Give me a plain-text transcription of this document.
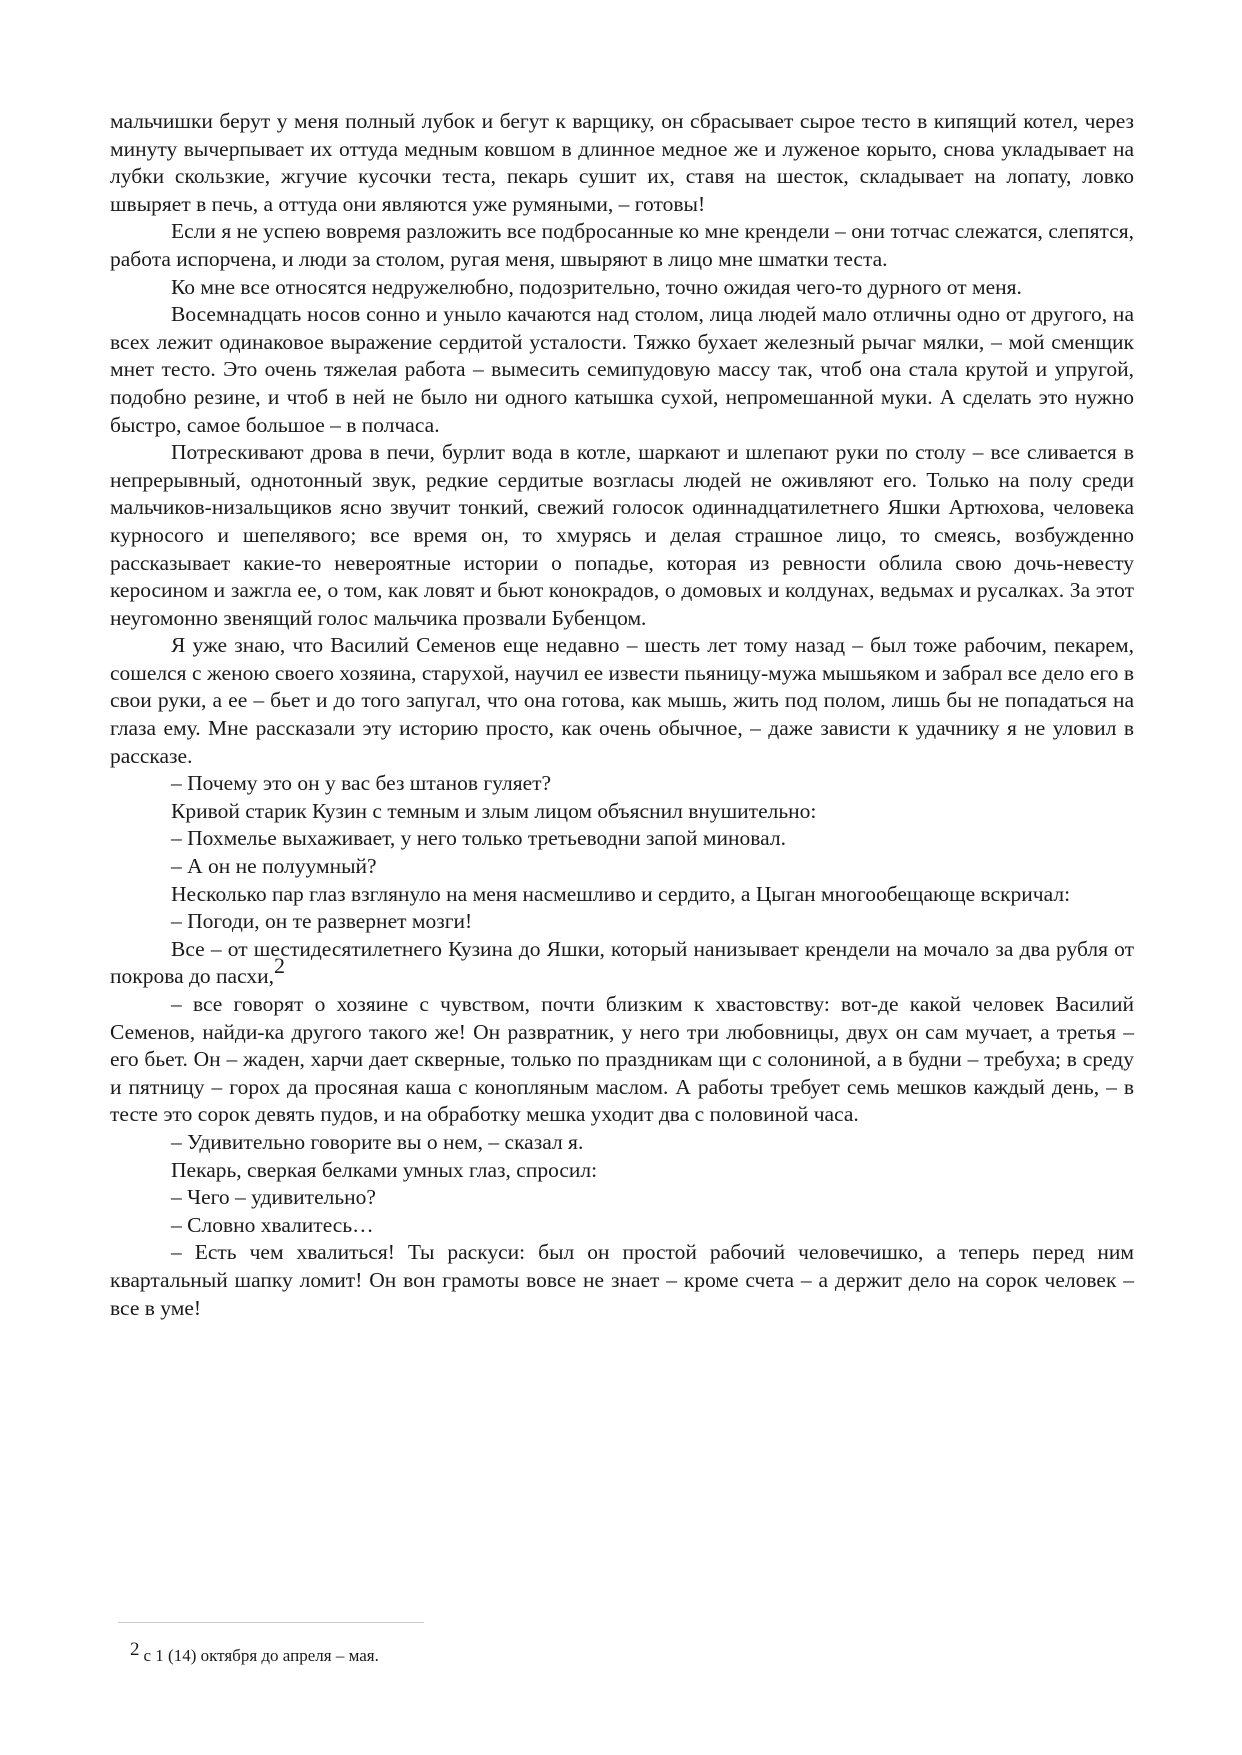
мальчишки берут у меня полный лубок и бегут к варщику, он сбрасывает сырое тесто в кипящий котел, через минуту вычерпывает их оттуда медным ковшом в длинное медное же и луженое корыто, снова укладывает на лубки скользкие, жгучие кусочки теста, пекарь сушит их, ставя на шесток, складывает на лопату, ловко швыряет в печь, а оттуда они являются уже румяными, – готовы!

Если я не успею вовремя разложить все подбросанные ко мне крендели – они тотчас слежатся, слепятся, работа испорчена, и люди за столом, ругая меня, швыряют в лицо мне шматки теста.

Ко мне все относятся недружелюбно, подозрительно, точно ожидая чего-то дурного от меня.

Восемнадцать носов сонно и уныло качаются над столом, лица людей мало отличны одно от другого, на всех лежит одинаковое выражение сердитой усталости. Тяжко бухает железный рычаг мялки, – мой сменщик мнет тесто. Это очень тяжелая работа – вымесить семипудовую массу так, чтоб она стала крутой и упругой, подобно резине, и чтоб в ней не было ни одного катышка сухой, непромешанной муки. А сделать это нужно быстро, самое большое – в полчаса.

Потрескивают дрова в печи, бурлит вода в котле, шаркают и шлепают руки по столу – все сливается в непрерывный, однотонный звук, редкие сердитые возгласы людей не оживляют его. Только на полу среди мальчиков-низальщиков ясно звучит тонкий, свежий голосок одиннадцатилетнего Яшки Артюхова, человека курносого и шепелявого; все время он, то хмурясь и делая страшное лицо, то смеясь, возбужденно рассказывает какие-то невероятные истории о попадье, которая из ревности облила свою дочь-невесту керосином и зажгла ее, о том, как ловят и бьют конокрадов, о домовых и колдунах, ведьмах и русалках. За этот неугомонно звенящий голос мальчика прозвали Бубенцом.

Я уже знаю, что Василий Семенов еще недавно – шесть лет тому назад – был тоже рабочим, пекарем, сошелся с женою своего хозяина, старухой, научил ее извести пьяницу-мужа мышьяком и забрал все дело его в свои руки, а ее – бьет и до того запугал, что она готова, как мышь, жить под полом, лишь бы не попадаться на глаза ему. Мне рассказали эту историю просто, как очень обычное, – даже зависти к удачнику я не уловил в рассказе.

– Почему это он у вас без штанов гуляет?

Кривой старик Кузин с темным и злым лицом объяснил внушительно:

– Похмелье выхаживает, у него только третьеводни запой миновал.

– А он не полуумный?

Несколько пар глаз взглянуло на меня насмешливо и сердито, а Цыган многообещающе вскричал:

– Погоди, он те развернет мозги!

Все – от шестидесятилетнего Кузина до Яшки, который нанизывает крендели на мочало за два рубля от покрова до пасхи,$^2$

– все говорят о хозяине с чувством, почти близким к хвастовству: вот-де какой человек Василий Семенов, найди-ка другого такого же! Он развратник, у него три любовницы, двух он сам мучает, а третья – его бьет. Он – жаден, харчи дает скверные, только по праздникам щи с солониной, а в будни – требуха; в среду и пятницу – горох да просяная каша с конопляным маслом. А работы требует семь мешков каждый день, – в тесте это сорок девять пудов, и на обработку мешка уходит два с половиной часа.

– Удивительно говорите вы о нем, – сказал я.

Пекарь, сверкая белками умных глаз, спросил:

– Чего – удивительно?

– Словно хвалитесь…

– Есть чем хвалиться! Ты раскуси: был он простой рабочий человечишко, а теперь перед ним квартальный шапку ломит! Он вон грамоты вовсе не знает – кроме счета – а держит дело на сорок человек – все в уме!

2 с 1 (14) октября до апреля – мая.
